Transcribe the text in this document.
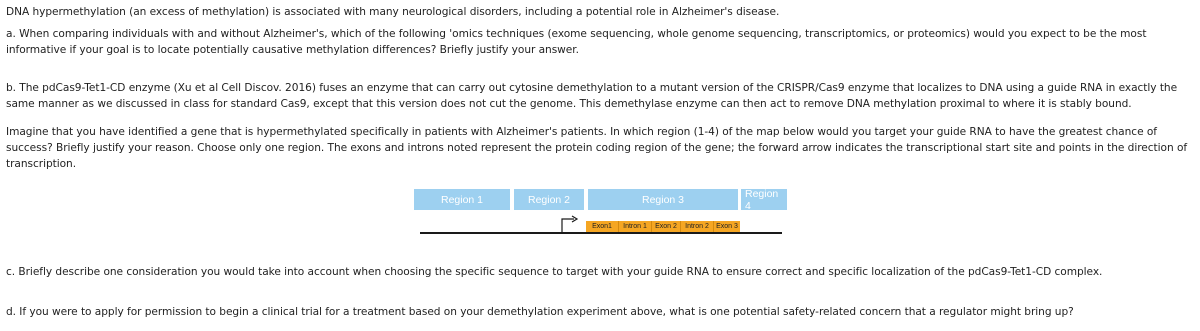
DNA hypermethylation (an excess of methylation) is associated with many neurological disorders, including a potential role in Alzheimer's disease.
a. When comparing individuals with and without Alzheimer's, which of the following 'omics techniques (exome sequencing, whole genome sequencing, transcriptomics, or proteomics) would you expect to be the most informative if your goal is to locate potentially causative methylation differences? Briefly justify your answer.
b. The pdCas9-Tet1-CD enzyme (Xu et al Cell Discov. 2016) fuses an enzyme that can carry out cytosine demethylation to a mutant version of the CRISPR/Cas9 enzyme that localizes to DNA using a guide RNA in exactly the same manner as we discussed in class for standard Cas9, except that this version does not cut the genome. This demethylase enzyme can then act to remove DNA methylation proximal to where it is stably bound.
Imagine that you have identified a gene that is hypermethylated specifically in patients with Alzheimer's patients. In which region (1-4) of the map below would you target your guide RNA to have the greatest chance of success? Briefly justify your reason. Choose only one region. The exons and introns noted represent the protein coding region of the gene; the forward arrow indicates the transcriptional start site and points in the direction of transcription.
Region 1	Region 2	Region 3	Region 4
Exon1	Intron 1	Exon 2	Intron 2	Exon 3
c. Briefly describe one consideration you would take into account when choosing the specific sequence to target with your guide RNA to ensure correct and specific localization of the pdCas9-Tet1-CD complex.
d. If you were to apply for permission to begin a clinical trial for a treatment based on your demethylation experiment above, what is one potential safety-related concern that a regulator might bring up?
